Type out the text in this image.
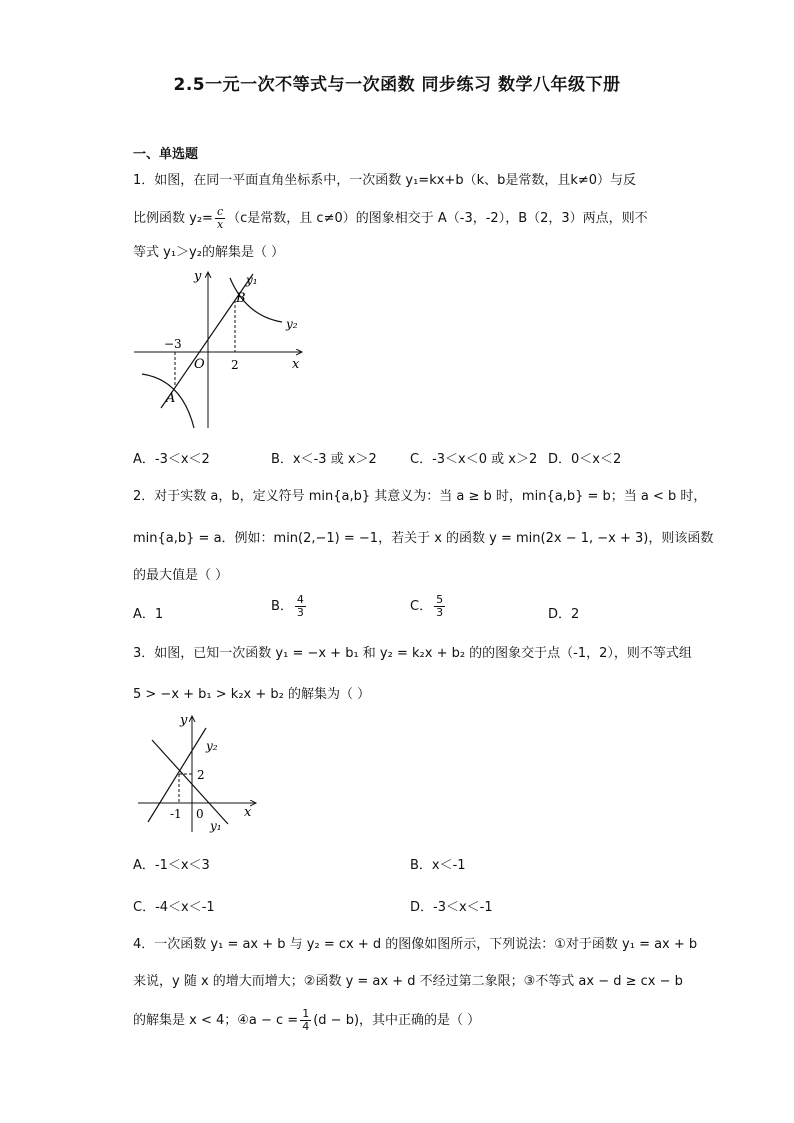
2.5一元一次不等式与一次函数 同步练习 数学八年级下册
一、单选题
1．如图，在同一平面直角坐标系中，一次函数 y₁=kx+b（k、b是常数，且k≠0）与反
比例函数 $y_2= \frac{c}{x} (c$是常数，且 c≠0）的图象相交于 A（-3，-2），B（2，3）两点，则不
等式 y₁＞y₂的解集是（ ）
y
x
O
−3
2
B
A
y₁
y₂
A．-3＜x＜2	B．x＜-3 或 x＞2	C．-3＜x＜0 或 x＞2 D．0＜x＜2
2．对于实数 a，b，定义符号 min{a,b} 其意义为：当 a ≥ b 时，min{a,b} = b；当 a < b 时，
min{a,b} = a．例如：min(2,−1) = −1，若关于 x 的函数 y = min(2x − 1, −x + 3)，则该函数
的最大值是（ ）
A．1
B． $\frac{4}{3}$	C． $\frac{5}{3}$	D．2
3．如图，已知一次函数 y₁ = −x + b₁ 和 y₂ = k₂x + b₂ 的的图象交于点（-1，2），则不等式组
5 > −x + b₁ > k₂x + b₂ 的解集为（ ）
y
x
y₂
y₁
2
-1 0
A．-1＜x＜3	B．x＜-1
C．-4＜x＜-1	D．-3＜x＜-1
4．一次函数 y₁ = ax + b 与 y₂ = cx + d 的图像如图所示，下列说法：①对于函数 y₁ = ax + b
来说，y 随 x 的增大而增大；②函数 y = ax + d 不经过第二象限；③不等式 ax − d ≥ cx − b
的解集是 x < 4；④a − $c = \frac{1}{4} (d - b)$，其中正确的是（ ）
